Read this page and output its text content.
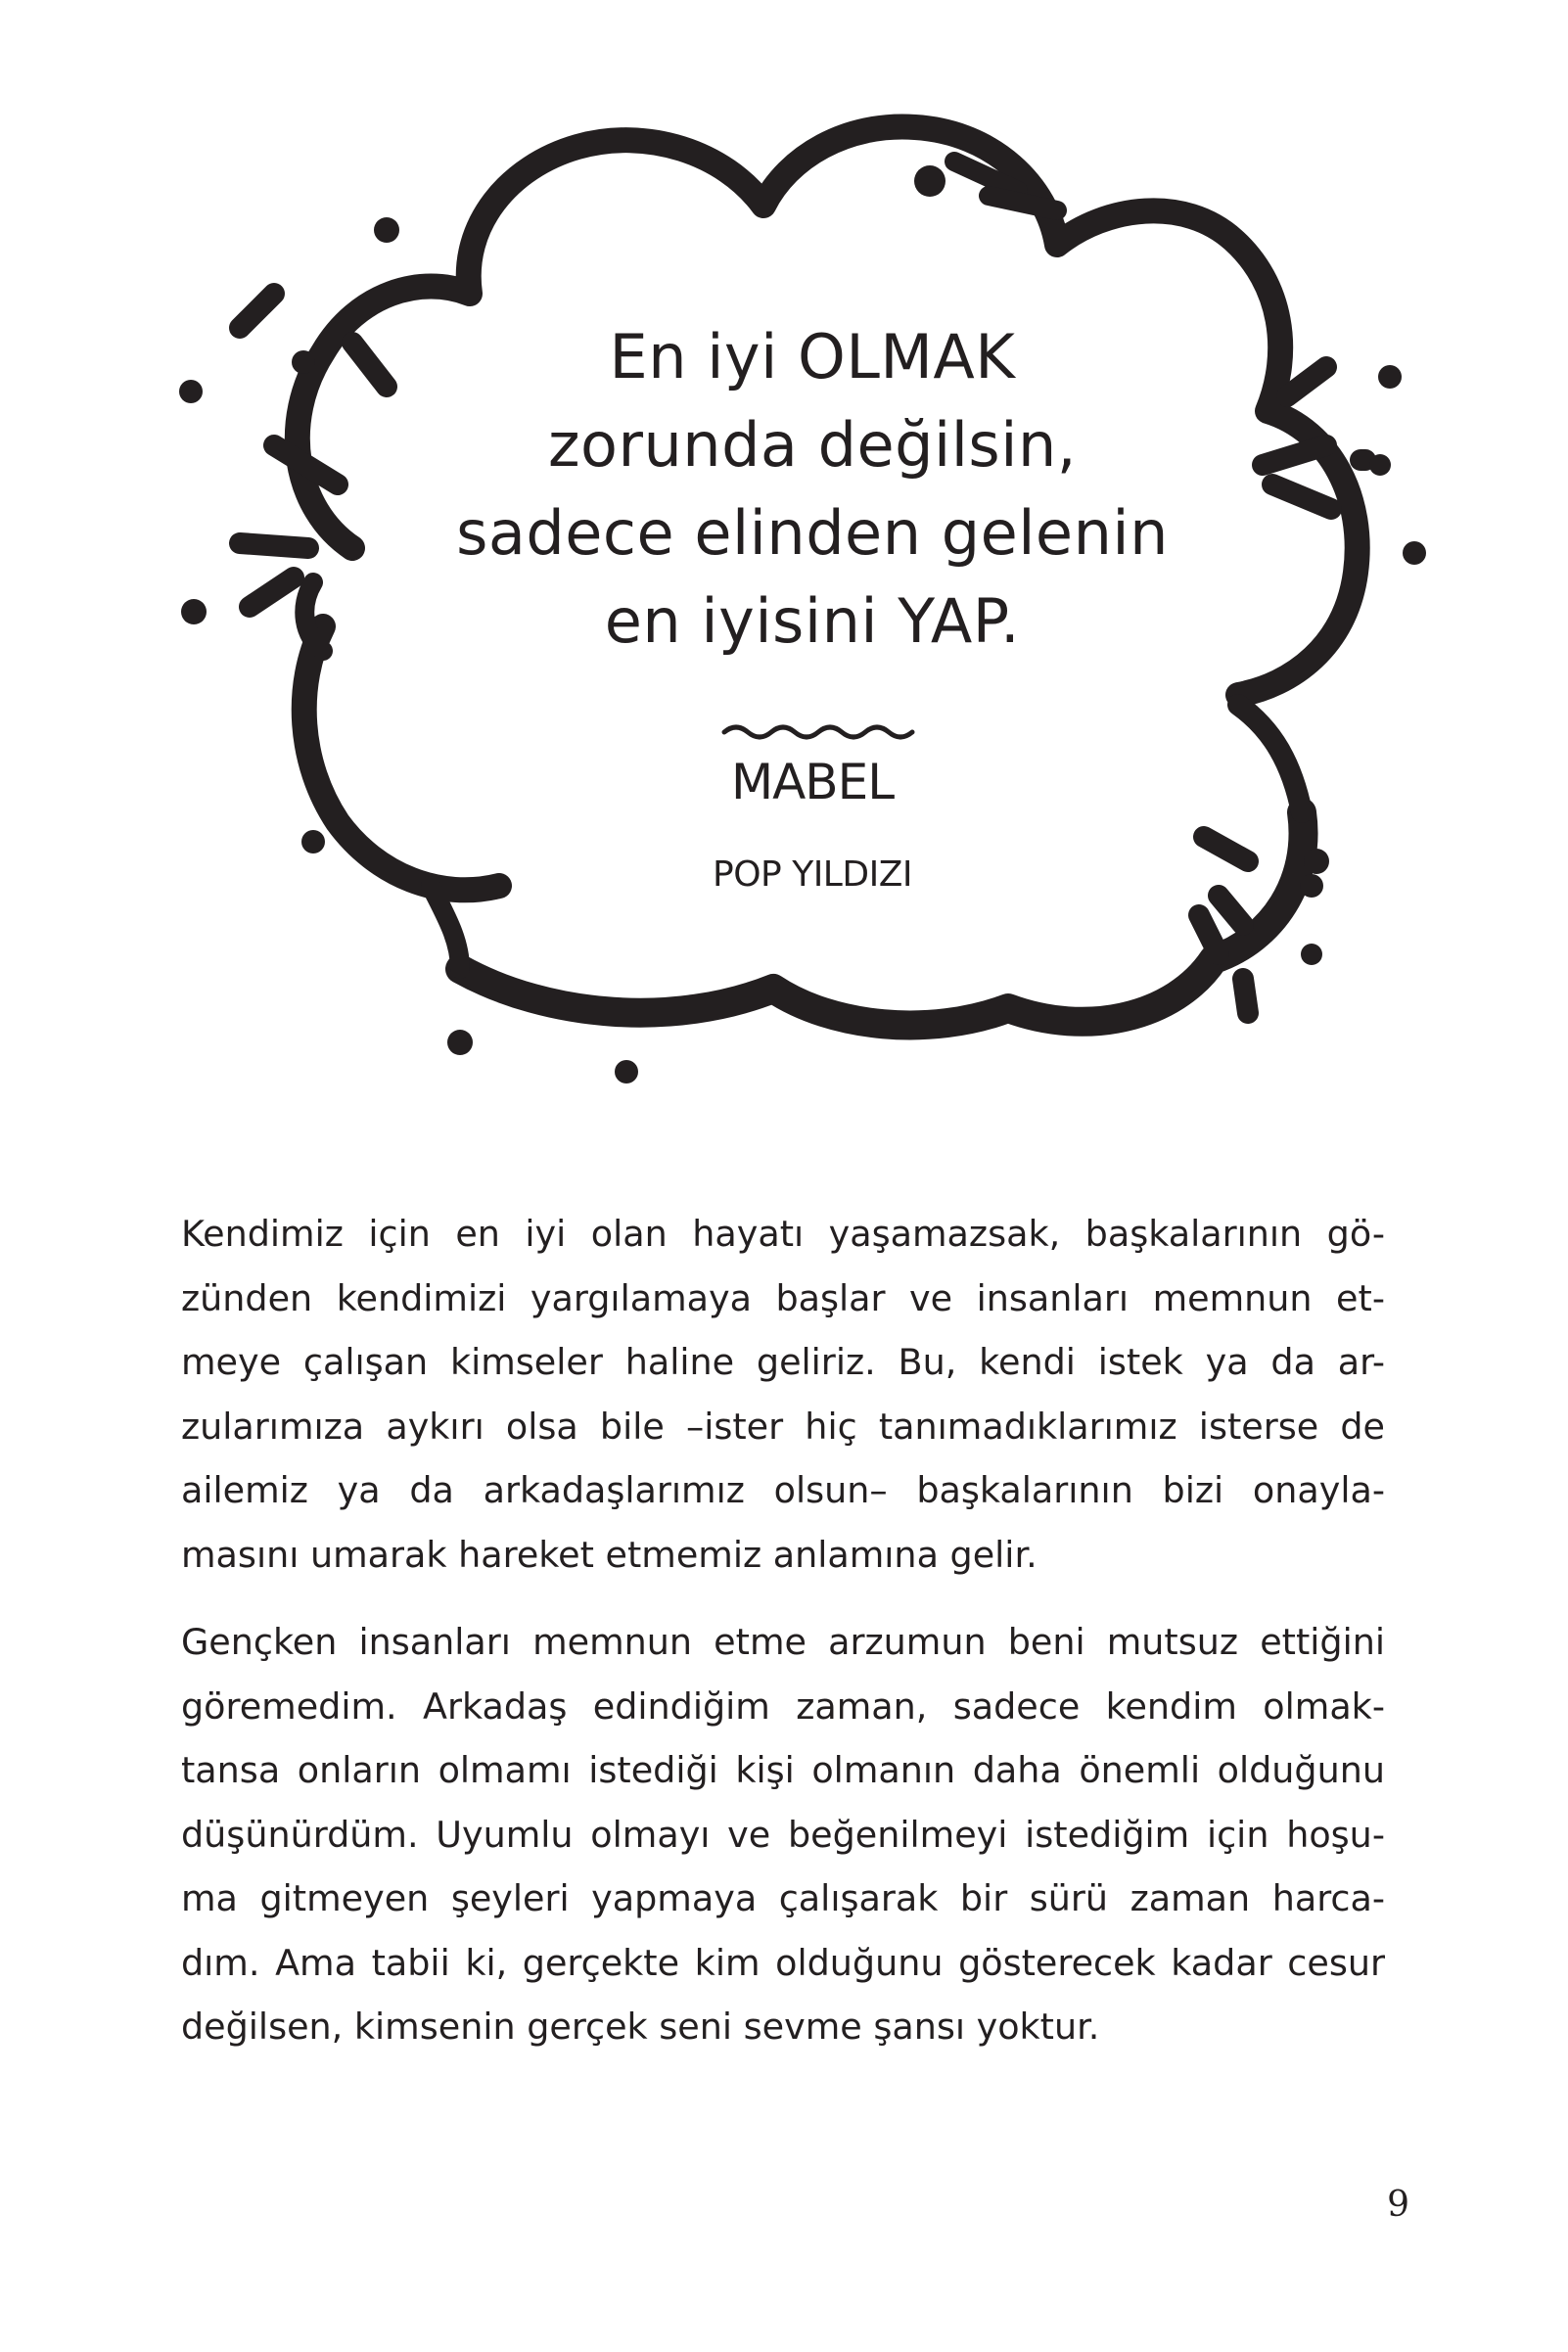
En iyi OLMAK
zorunda değilsin,
sadece elinden gelenin
en iyisini YAP.
MABEL
POP YILDIZI

Kendimiz için en iyi olan hayatı yaşamazsak, başkalarının gö-
zünden kendimizi yargılamaya başlar ve insanları memnun et-
meye çalışan kimseler haline geliriz. Bu, kendi istek ya da ar-
zularımıza aykırı olsa bile –ister hiç tanımadıklarımız isterse de
ailemiz ya da arkadaşlarımız olsun– başkalarının bizi onayla-
masını umarak hareket etmemiz anlamına gelir.

Gençken insanları memnun etme arzumun beni mutsuz ettiğini
göremedim. Arkadaş edindiğim zaman, sadece kendim olmak-
tansa onların olmamı istediği kişi olmanın daha önemli olduğunu
düşünürdüm. Uyumlu olmayı ve beğenilmeyi istediğim için hoşu-
ma gitmeyen şeyleri yapmaya çalışarak bir sürü zaman harca-
dım. Ama tabii ki, gerçekte kim olduğunu gösterecek kadar cesur
değilsen, kimsenin gerçek seni sevme şansı yoktur.

9
